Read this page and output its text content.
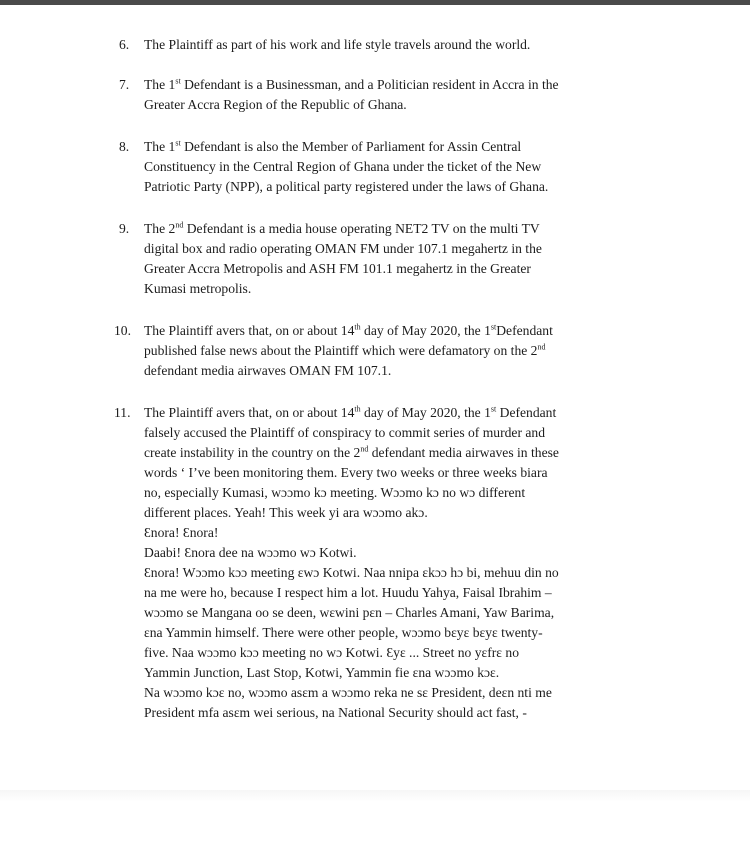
6. The Plaintiff as part of his work and life style travels around the world.
7. The 1st Defendant is a Businessman, and a Politician resident in Accra in the
Greater Accra Region of the Republic of Ghana.
8. The 1st Defendant is also the Member of Parliament for Assin Central
Constituency in the Central Region of Ghana under the ticket of the New
Patriotic Party (NPP), a political party registered under the laws of Ghana.
9. The 2nd Defendant is a media house operating NET2 TV on the multi TV
digital box and radio operating OMAN FM under 107.1 megahertz in the
Greater Accra Metropolis and ASH FM 101.1 megahertz in the Greater
Kumasi metropolis.
10. The Plaintiff avers that, on or about 14th day of May 2020, the 1stDefendant
published false news about the Plaintiff which were defamatory on the 2nd
defendant media airwaves OMAN FM 107.1.
11. The Plaintiff avers that, on or about 14th day of May 2020, the 1st Defendant
falsely accused the Plaintiff of conspiracy to commit series of murder and
create instability in the country on the 2nd defendant media airwaves in these
words ‘ I’ve been monitoring them. Every two weeks or three weeks biara
no, especially Kumasi, wɔɔmo kɔ meeting. Wɔɔmo kɔ no wɔ different
different places. Yeah! This week yi ara wɔɔmo akɔ.
Ɛnora! Ɛnora!
Daabi! Ɛnora dee na wɔɔmo wɔ Kotwi.
Ɛnora! Wɔɔmo kɔɔ meeting ɛwɔ Kotwi. Naa nnipa ɛkɔɔ hɔ bi, mehuu din no
na me were ho, because I respect him a lot. Huudu Yahya, Faisal Ibrahim –
wɔɔmo se Mangana oo se deen, wɛwini pɛn – Charles Amani, Yaw Barima,
ɛna Yammin himself. There were other people, wɔɔmo bɛyɛ bɛyɛ twenty-
five. Naa wɔɔmo kɔɔ meeting no wɔ Kotwi. Ɛyɛ ... Street no yɛfrɛ no
Yammin Junction, Last Stop, Kotwi, Yammin fie ɛna wɔɔmo kɔɛ.
Na wɔɔmo kɔɛ no, wɔɔmo asɛm a wɔɔmo reka ne sɛ President, deɛn nti me
President mfa asɛm wei serious, na National Security should act fast, -
